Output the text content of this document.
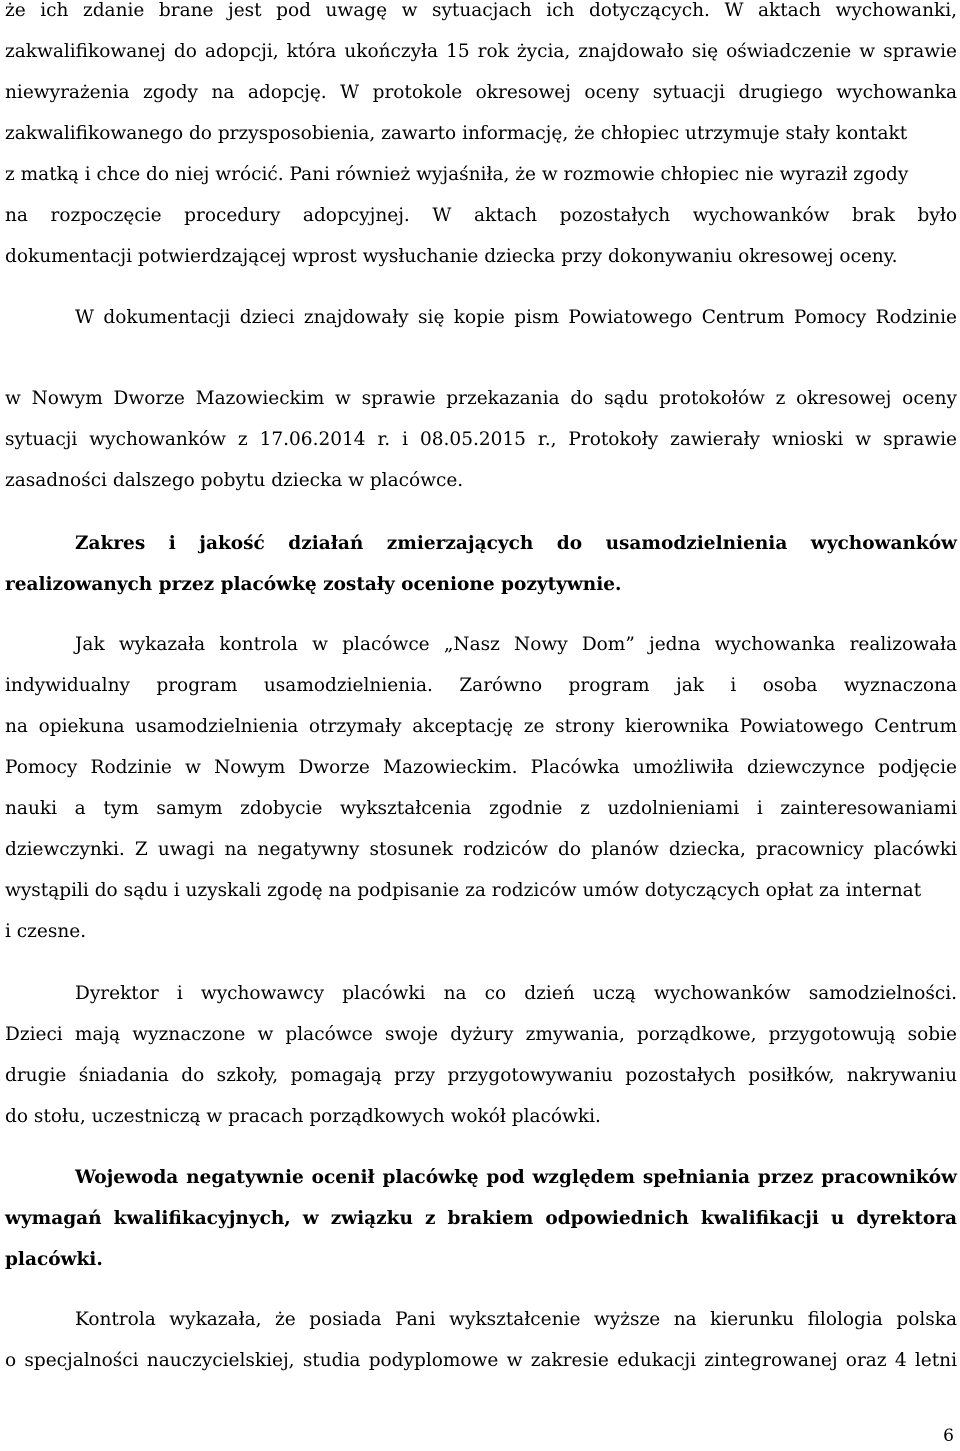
że ich zdanie brane jest pod uwagę w sytuacjach ich dotyczących. W aktach wychowanki,
zakwalifikowanej do adopcji, która ukończyła 15 rok życia, znajdowało się oświadczenie w sprawie
niewyrażenia zgody na adopcję. W protokole okresowej oceny sytuacji drugiego wychowanka
zakwalifikowanego do przysposobienia, zawarto informację, że chłopiec utrzymuje stały kontakt
z matką i chce do niej wrócić. Pani również wyjaśniła, że w rozmowie chłopiec nie wyraził zgody
na rozpoczęcie procedury adopcyjnej. W aktach pozostałych wychowanków brak było
dokumentacji potwierdzającej wprost wysłuchanie dziecka przy dokonywaniu okresowej oceny.
W dokumentacji dzieci znajdowały się kopie pism Powiatowego Centrum Pomocy Rodzinie
w Nowym Dworze Mazowieckim w sprawie przekazania do sądu protokołów z okresowej oceny
sytuacji wychowanków z 17.06.2014 r. i 08.05.2015 r., Protokoły zawierały wnioski w sprawie
zasadności dalszego pobytu dziecka w placówce.
Zakres i jakość działań zmierzających do usamodzielnienia wychowanków
realizowanych przez placówkę zostały ocenione pozytywnie.
Jak wykazała kontrola w placówce „Nasz Nowy Dom” jedna wychowanka realizowała
indywidualny program usamodzielnienia. Zarówno program jak i osoba wyznaczona
na opiekuna usamodzielnienia otrzymały akceptację ze strony kierownika Powiatowego Centrum
Pomocy Rodzinie w Nowym Dworze Mazowieckim. Placówka umożliwiła dziewczynce podjęcie
nauki a tym samym zdobycie wykształcenia zgodnie z uzdolnieniami i zainteresowaniami
dziewczynki. Z uwagi na negatywny stosunek rodziców do planów dziecka, pracownicy placówki
wystąpili do sądu i uzyskali zgodę na podpisanie za rodziców umów dotyczących opłat za internat
i czesne.
Dyrektor i wychowawcy placówki na co dzień uczą wychowanków samodzielności.
Dzieci mają wyznaczone w placówce swoje dyżury zmywania, porządkowe, przygotowują sobie
drugie śniadania do szkoły, pomagają przy przygotowywaniu pozostałych posiłków, nakrywaniu
do stołu, uczestniczą w pracach porządkowych wokół placówki.
Wojewoda negatywnie ocenił placówkę pod względem spełniania przez pracowników
wymagań kwalifikacyjnych, w związku z brakiem odpowiednich kwalifikacji u dyrektora
placówki.
Kontrola wykazała, że posiada Pani wykształcenie wyższe na kierunku filologia polska
o specjalności nauczycielskiej, studia podyplomowe w zakresie edukacji zintegrowanej oraz 4 letni
6
